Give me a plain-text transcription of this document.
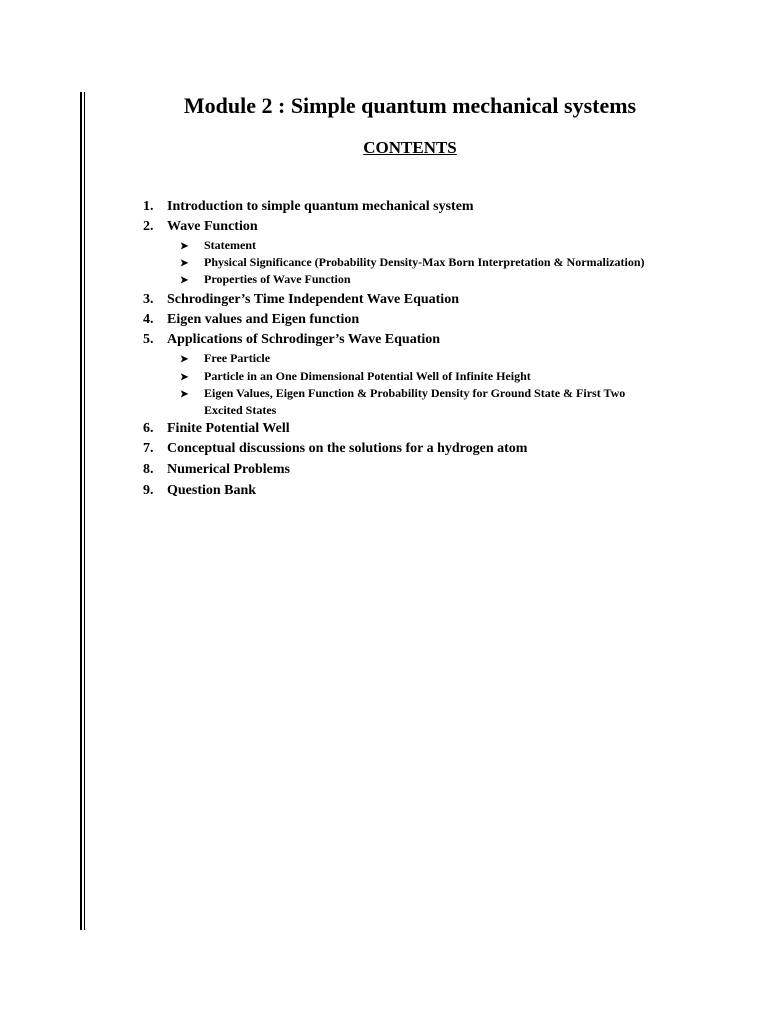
Module 2 : Simple quantum mechanical systems
CONTENTS
1. Introduction to simple quantum mechanical system
2. Wave Function
➤ Statement
➤ Physical Significance (Probability Density-Max Born Interpretation & Normalization)
➤ Properties of Wave Function
3. Schrodinger’s Time Independent Wave Equation
4. Eigen values and Eigen function
5. Applications of Schrodinger’s Wave Equation
➤ Free Particle
➤ Particle in an One Dimensional Potential Well of Infinite Height
➤ Eigen Values, Eigen Function & Probability Density for Ground State & First Two
Excited States
6. Finite Potential Well
7. Conceptual discussions on the solutions for a hydrogen atom
8. Numerical Problems
9. Question Bank
